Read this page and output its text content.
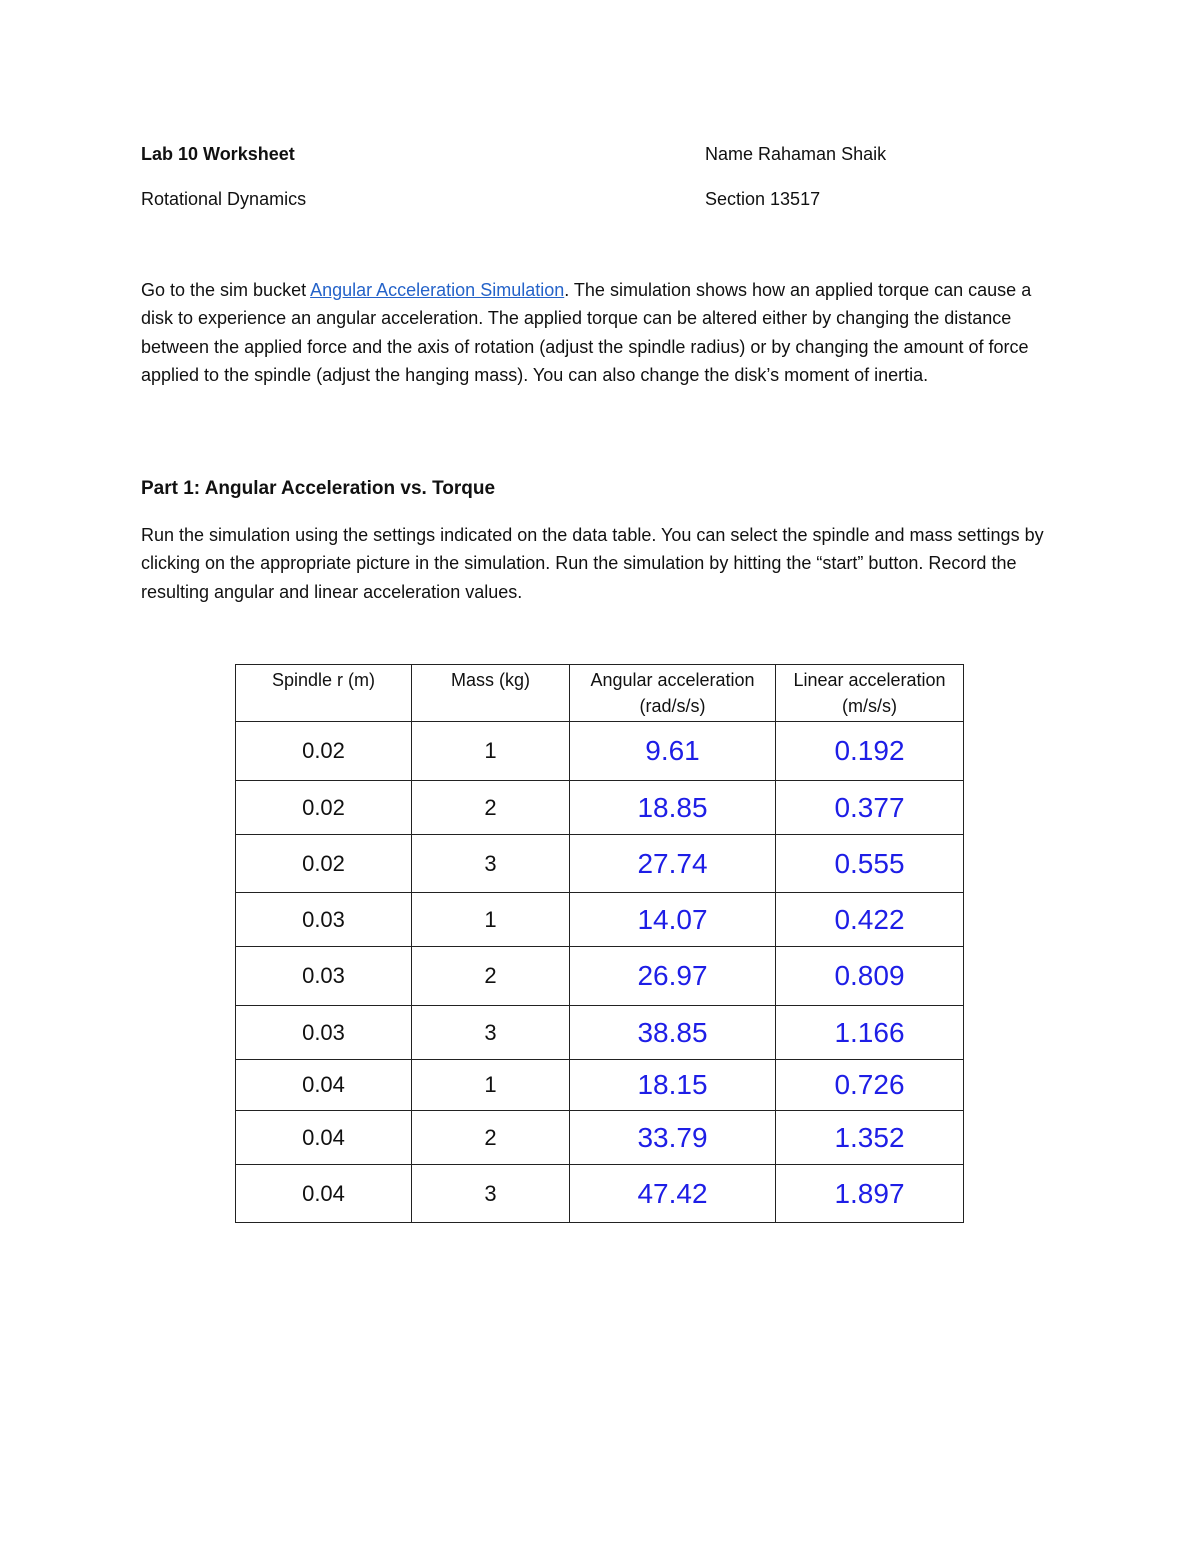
Lab 10 Worksheet
Rotational Dynamics
Name Rahaman Shaik
Section 13517
Go to the sim bucket Angular Acceleration Simulation. The simulation shows how an applied torque can cause a disk to experience an angular acceleration. The applied torque can be altered either by changing the distance between the applied force and the axis of rotation (adjust the spindle radius) or by changing the amount of force applied to the spindle (adjust the hanging mass). You can also change the disk’s moment of inertia.
Part 1: Angular Acceleration vs. Torque
Run the simulation using the settings indicated on the data table. You can select the spindle and mass settings by clicking on the appropriate picture in the simulation. Run the simulation by hitting the “start” button. Record the resulting angular and linear acceleration values.
Spindle r (m)	Mass (kg)	Angular acceleration (rad/s/s)	Linear acceleration (m/s/s)
0.02	1	9.61	0.192
0.02	2	18.85	0.377
0.02	3	27.74	0.555
0.03	1	14.07	0.422
0.03	2	26.97	0.809
0.03	3	38.85	1.166
0.04	1	18.15	0.726
0.04	2	33.79	1.352
0.04	3	47.42	1.897
